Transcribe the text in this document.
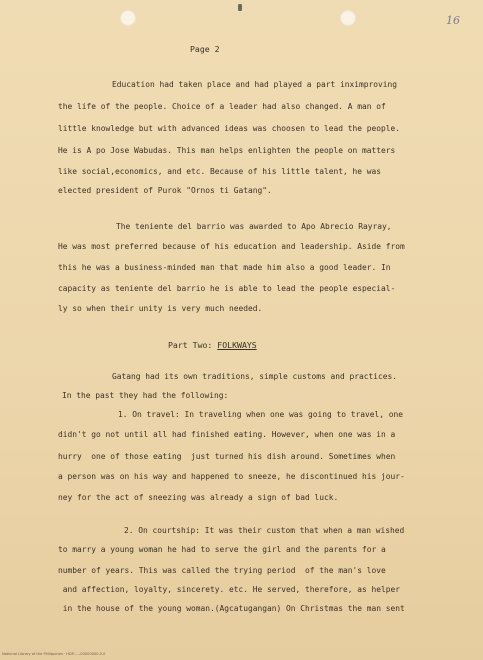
16
Page 2
Education had taken place and had played a part inximproving
the life of the people. Choice of a leader had also changed. A man of
little knowledge but with advanced ideas was choosen to lead the people.
He is A po Jose Wabudas. This man helps enlighten the people on matters
like social,economics, and etc. Because of his little talent, he was
elected president of Purok "Ornos ti Gatang".
The teniente del barrio was awarded to Apo Abrecio Rayray,
He was most preferred because of his education and leadership. Aside from
this he was a business-minded man that made him also a good leader. In
capacity as teniente del barrio he is able to lead the people especial-
ly so when their unity is very much needed.
Part Two: FOLKWAYS
Gatang had its own traditions, simple customs and practices.
In the past they had the following:
1. On travel: In traveling when one was going to travel, one
didn't go not until all had finished eating. However, when one was in a
hurry  one of those eating  just turned his dish around. Sometimes when
a person was on his way and happened to sneeze, he discontinued his jour-
ney for the act of sneezing was already a sign of bad luck.
2. On courtship: It was their custom that when a man wished
to marry a young woman he had to serve the girl and the parents for a
number of years. This was called the trying period  of the man's love
and affection, loyalty, sincerety. etc. He served, therefore, as helper
in the house of the young woman.(Agcatugangan) On Christmas the man sent
National Library of the Philippines · HDP-----00000000.0.0
